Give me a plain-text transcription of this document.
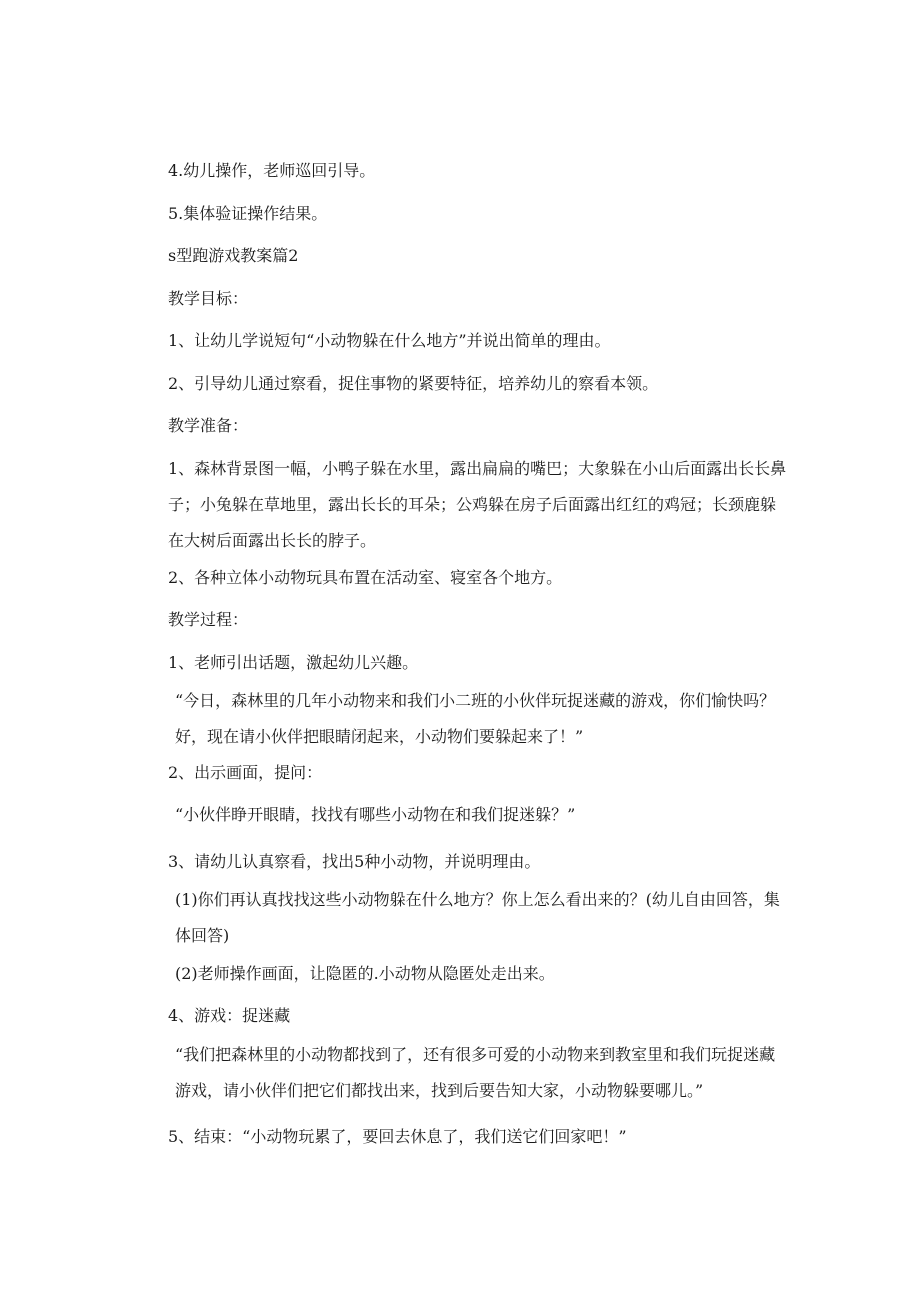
4.幼儿操作，老师巡回引导。
5.集体验证操作结果。
s型跑游戏教案篇2
教学目标：
1、让幼儿学说短句“小动物躲在什么地方”并说出简单的理由。
2、引导幼儿通过察看，捉住事物的紧要特征，培养幼儿的察看本领。
教学准备：
1、森林背景图一幅，小鸭子躲在水里，露出扁扁的嘴巴；大象躲在小山后面露出长长鼻子；小兔躲在草地里，露出长长的耳朵；公鸡躲在房子后面露出红红的鸡冠；长颈鹿躲在大树后面露出长长的脖子。
2、各种立体小动物玩具布置在活动室、寝室各个地方。
教学过程：
1、老师引出话题，激起幼儿兴趣。
“今日，森林里的几年小动物来和我们小二班的小伙伴玩捉迷藏的游戏，你们愉快吗？好，现在请小伙伴把眼睛闭起来，小动物们要躲起来了！”
2、出示画面，提问：
“小伙伴睁开眼睛，找找有哪些小动物在和我们捉迷躲？”
3、请幼儿认真察看，找出5种小动物，并说明理由。
(1)你们再认真找找这些小动物躲在什么地方？你上怎么看出来的？(幼儿自由回答，集体回答)
(2)老师操作画面，让隐匿的.小动物从隐匿处走出来。
4、游戏：捉迷藏
“我们把森林里的小动物都找到了，还有很多可爱的小动物来到教室里和我们玩捉迷藏游戏，请小伙伴们把它们都找出来，找到后要告知大家，小动物躲要哪儿。”
5、结束：“小动物玩累了，要回去休息了，我们送它们回家吧！”
